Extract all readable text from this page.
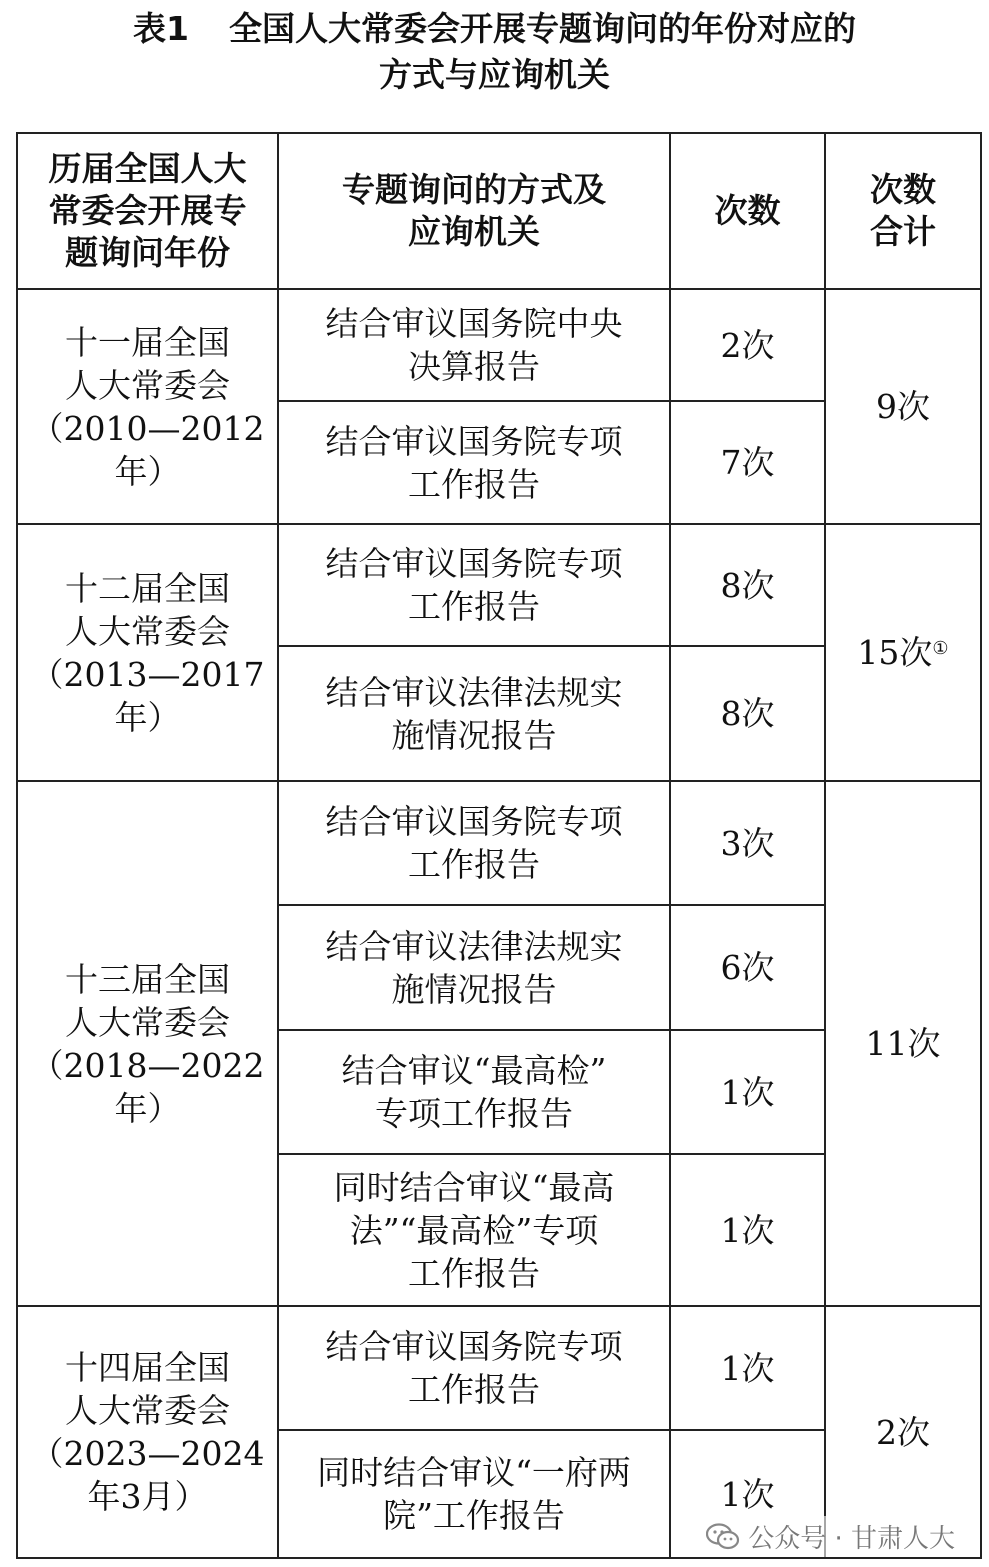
表1 全国人大常委会开展专题询问的年份对应的
方式与应询机关
历届全国人大
常委会开展专
题询问年份	专题询问的方式及
应询机关	次数	次数
合计
十一届全国
人大常委会
（2010—2012
年）	结合审议国务院中央
决算报告	2次	9次
	结合审议国务院专项
工作报告	7次	
十二届全国
人大常委会
（2013—2017
年）	结合审议国务院专项
工作报告	8次	15次①
	结合审议法律法规实
施情况报告	8次	
十三届全国
人大常委会
（2018—2022
年）	结合审议国务院专项
工作报告	3次	11次
	结合审议法律法规实
施情况报告	6次	
	结合审议“最高检”
专项工作报告	1次	
	同时结合审议“最高
法”“最高检”专项
工作报告	1次	
十四届全国
人大常委会
（2023—2024
年3月）	结合审议国务院专项
工作报告	1次	2次
	同时结合审议“一府两
院”工作报告	1次	
公众号 · 甘肃人大
